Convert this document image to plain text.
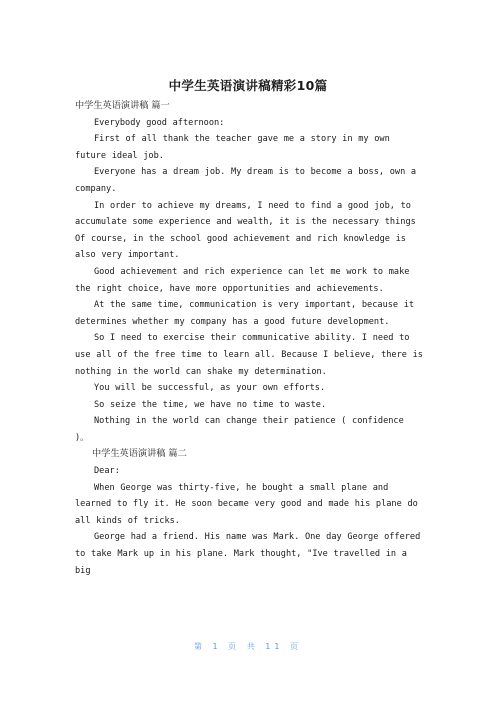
中学生英语演讲稿精彩10篇
中学生英语演讲稿 篇一

Everybody good afternoon:

First of all thank the teacher gave me a story in my own future ideal job.

Everyone has a dream job. My dream is to become a boss, own a company.

In order to achieve my dreams, I need to find a good job, to accumulate some experience and wealth, it is the necessary things Of course, in the school good achievement and rich knowledge is also very important.

Good achievement and rich experience can let me work to make the right choice, have more opportunities and achievements.

At the same time, communication is very important, because it determines whether my company has a good future development.

So I need to exercise their communicative ability. I need to use all of the free time to learn all. Because I believe, there is nothing in the world can shake my determination.

You will be successful, as your own efforts.

So seize the time, we have no time to waste.

Nothing in the world can change their patience ( confidence )。

中学生英语演讲稿 篇二

Dear:

When George was thirty-five, he bought a small plane and learned to fly it. He soon became very good and made his plane do all kinds of tricks.

George had a friend. His name was Mark. One day George offered to take Mark up in his plane. Mark thought, "Ive travelled in a big

第 1 页 共 11 页
